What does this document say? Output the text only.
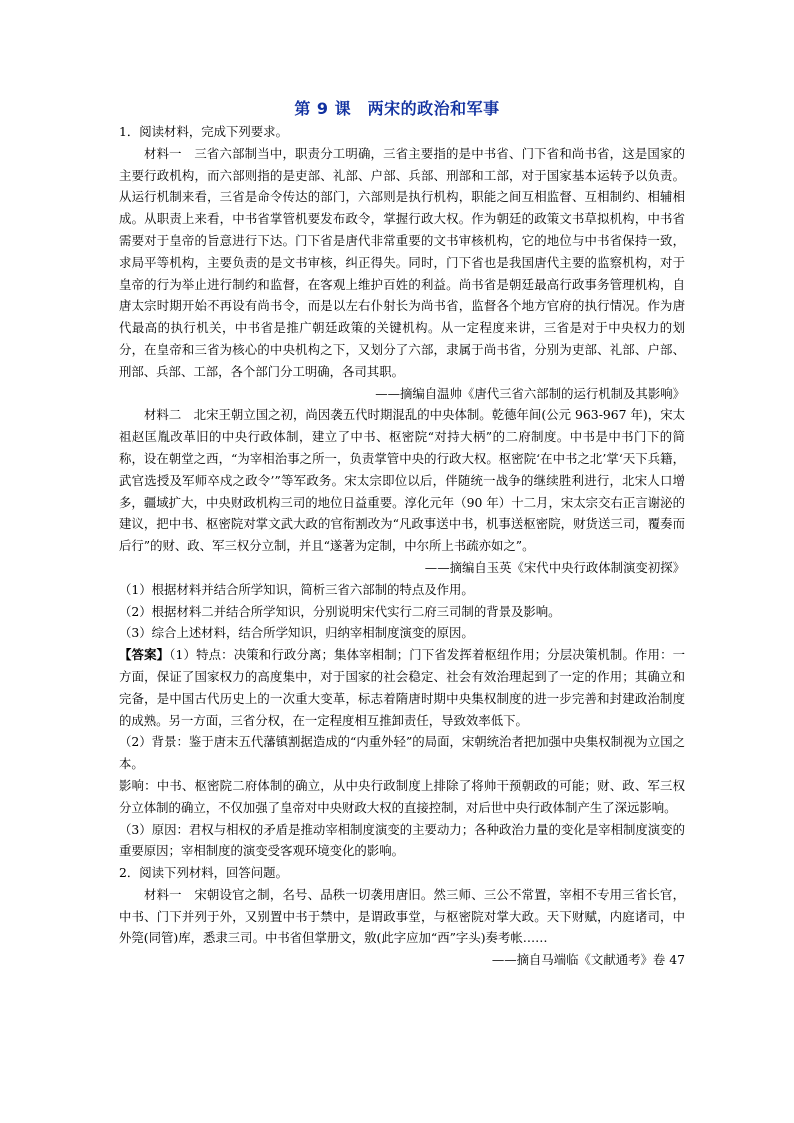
第 9 课　两宋的政治和军事

1．阅读材料，完成下列要求。

材料一　三省六部制当中，职责分工明确，三省主要指的是中书省、门下省和尚书省，这是国家的主要行政机构，而六部则指的是吏部、礼部、户部、兵部、刑部和工部，对于国家基本运转予以负责。从运行机制来看，三省是命令传达的部门，六部则是执行机构，职能之间互相监督、互相制约、相辅相成。从职责上来看，中书省掌管机要发布政令，掌握行政大权。作为朝廷的政策文书草拟机构，中书省需要对于皇帝的旨意进行下达。门下省是唐代非常重要的文书审核机构，它的地位与中书省保持一致，求局平等机构，主要负责的是文书审核，纠正得失。同时，门下省也是我国唐代主要的监察机构，对于皇帝的行为举止进行制约和监督，在客观上维护百姓的利益。尚书省是朝廷最高行政事务管理机构，自唐太宗时期开始不再设有尚书令，而是以左右仆射长为尚书省，监督各个地方官府的执行情况。作为唐代最高的执行机关，中书省是推广朝廷政策的关键机构。从一定程度来讲，三省是对于中央权力的划分，在皇帝和三省为核心的中央机构之下，又划分了六部，隶属于尚书省，分别为吏部、礼部、户部、刑部、兵部、工部，各个部门分工明确，各司其职。

——摘编自温帅《唐代三省六部制的运行机制及其影响》

材料二　北宋王朝立国之初，尚因袭五代时期混乱的中央体制。乾德年间(公元 963-967 年)，宋太祖赵匡胤改革旧的中央行政体制，建立了中书、枢密院“对持大柄”的二府制度。中书是中书门下的简称，设在朝堂之西，“为宰相治事之所一，负责掌管中央的行政大权。枢密院‘在中书之北’掌‘天下兵籍，武官选授及军师卒戍之政令’”等军政务。宋太宗即位以后，伴随统一战争的继续胜利进行，北宋人口增多，疆域扩大，中央财政机构三司的地位日益重要。淳化元年（90 年）十二月，宋太宗交右正言谢泌的建议，把中书、枢密院对掌文武大政的官衔割改为“凡政事送中书，机事送枢密院，财货送三司，覆奏而后行”的财、政、军三权分立制，并且“遂著为定制，中尔所上书疏亦如之”。

——摘编自玉英《宋代中央行政体制演变初探》

（1）根据材料并结合所学知识，简析三省六部制的特点及作用。

（2）根据材料二并结合所学知识，分别说明宋代实行二府三司制的背景及影响。

（3）综合上述材料，结合所学知识，归纳宰相制度演变的原因。

【答案】（1）特点：决策和行政分离；集体宰相制；门下省发挥着枢纽作用；分层决策机制。作用：一方面，保证了国家权力的高度集中，对于国家的社会稳定、社会有效治理起到了一定的作用；其确立和完备，是中国古代历史上的一次重大变革，标志着隋唐时期中央集权制度的进一步完善和封建政治制度的成熟。另一方面，三省分权，在一定程度相互推卸责任，导致效率低下。

（2）背景：鉴于唐末五代藩镇割据造成的“内重外轻”的局面，宋朝统治者把加强中央集权制视为立国之本。

影响：中书、枢密院二府体制的确立，从中央行政制度上排除了将帅干预朝政的可能；财、政、军三权分立体制的确立，不仅加强了皇帝对中央财政大权的直接控制，对后世中央行政体制产生了深远影响。

（3）原因：君权与相权的矛盾是推动宰相制度演变的主要动力；各种政治力量的变化是宰相制度演变的重要原因；宰相制度的演变受客观环境变化的影响。

2．阅读下列材料，回答问题。

材料一　宋朝设官之制，名号、品秩一切袭用唐旧。然三师、三公不常置，宰相不专用三省长官，中书、门下并列于外，又别置中书于禁中，是谓政事堂，与枢密院对掌大政。天下财赋，内庭诸司，中外筦(同管)库，悉隶三司。中书省但掌册文，敫(此字应加“西”字头)奏考帐……

——摘自马端临《文献通考》卷 47
